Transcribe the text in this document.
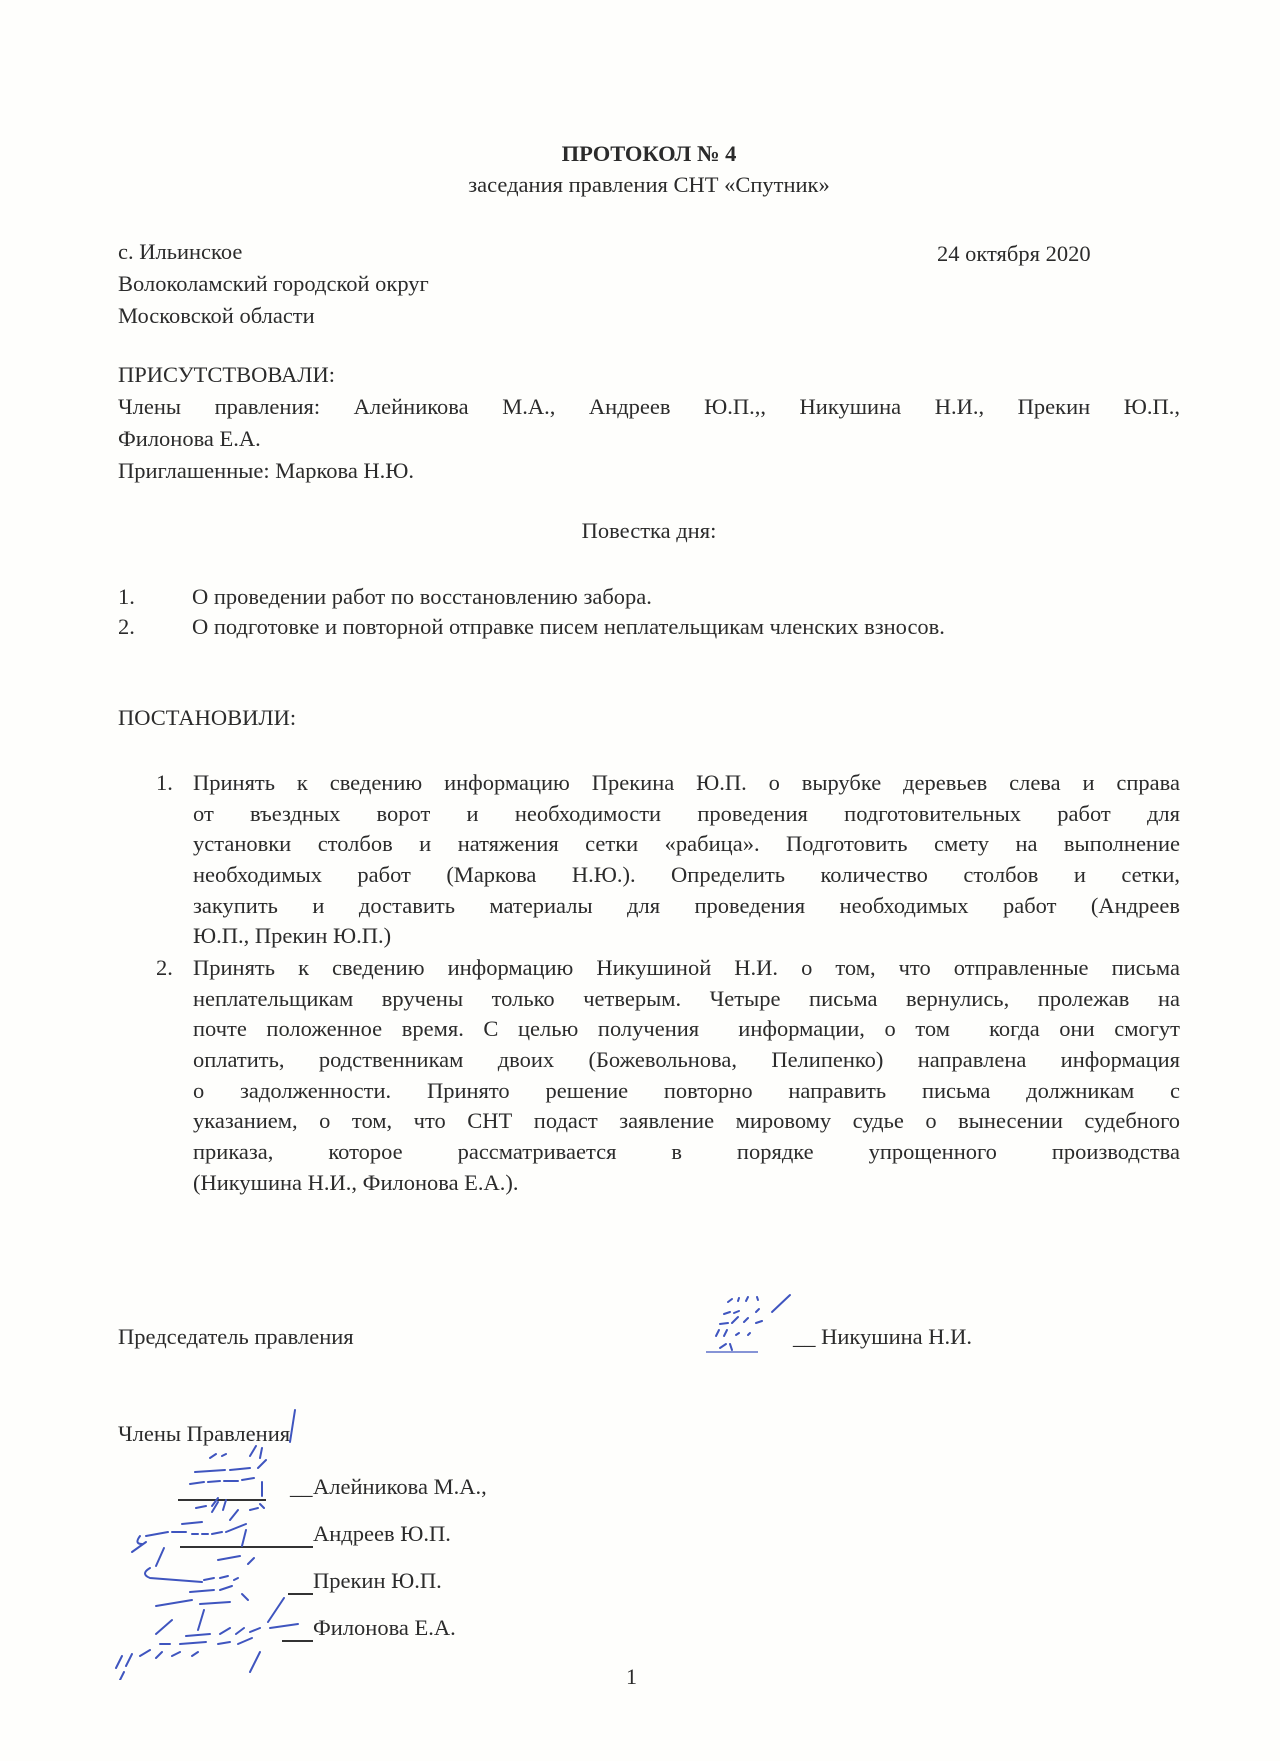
ПРОТОКОЛ № 4
заседания правления СНТ «Спутник»
с. Ильинское
Волоколамский городской округ
Московской области
24 октября 2020
ПРИСУТСТВОВАЛИ:
Члены правления: Алейникова М.А., Андреев Ю.П.,, Никушина Н.И., Прекин Ю.П.,
Филонова Е.А.
Приглашенные: Маркова Н.Ю.
Повестка дня:
1.	О проведении работ по восстановлению забора.
2.	О подготовке и повторной отправке писем неплательщикам членских взносов.
ПОСТАНОВИЛИ:
1. Принять к сведению информацию Прекина Ю.П. о вырубке деревьев слева и справа
от въездных ворот и необходимости проведения подготовительных работ для
установки столбов и натяжения сетки «рабица». Подготовить смету на выполнение
необходимых работ (Маркова Н.Ю.). Определить количество столбов и сетки,
закупить и доставить материалы для проведения необходимых работ (Андреев
Ю.П., Прекин Ю.П.)
2. Принять к сведению информацию Никушиной Н.И. о том, что отправленные письма
неплательщикам вручены только четверым. Четыре письма вернулись, пролежав на
почте положенное время. С целью получения  информации, о том  когда они смогут
оплатить, родственникам двоих (Божевольнова, Пелипенко) направлена информация
о задолженности. Принято решение повторно направить письма должникам с
указанием, о том, что СНТ подаст заявление мировому судье о вынесении судебного
приказа, которое рассматривается в порядке упрощенного производства
(Никушина Н.И., Филонова Е.А.).
Председатель правления	__ Никушина Н.И.
Члены Правления
__ Алейникова М.А.,
Андреев Ю.П.
Прекин Ю.П.
Филонова Е.А.
1
